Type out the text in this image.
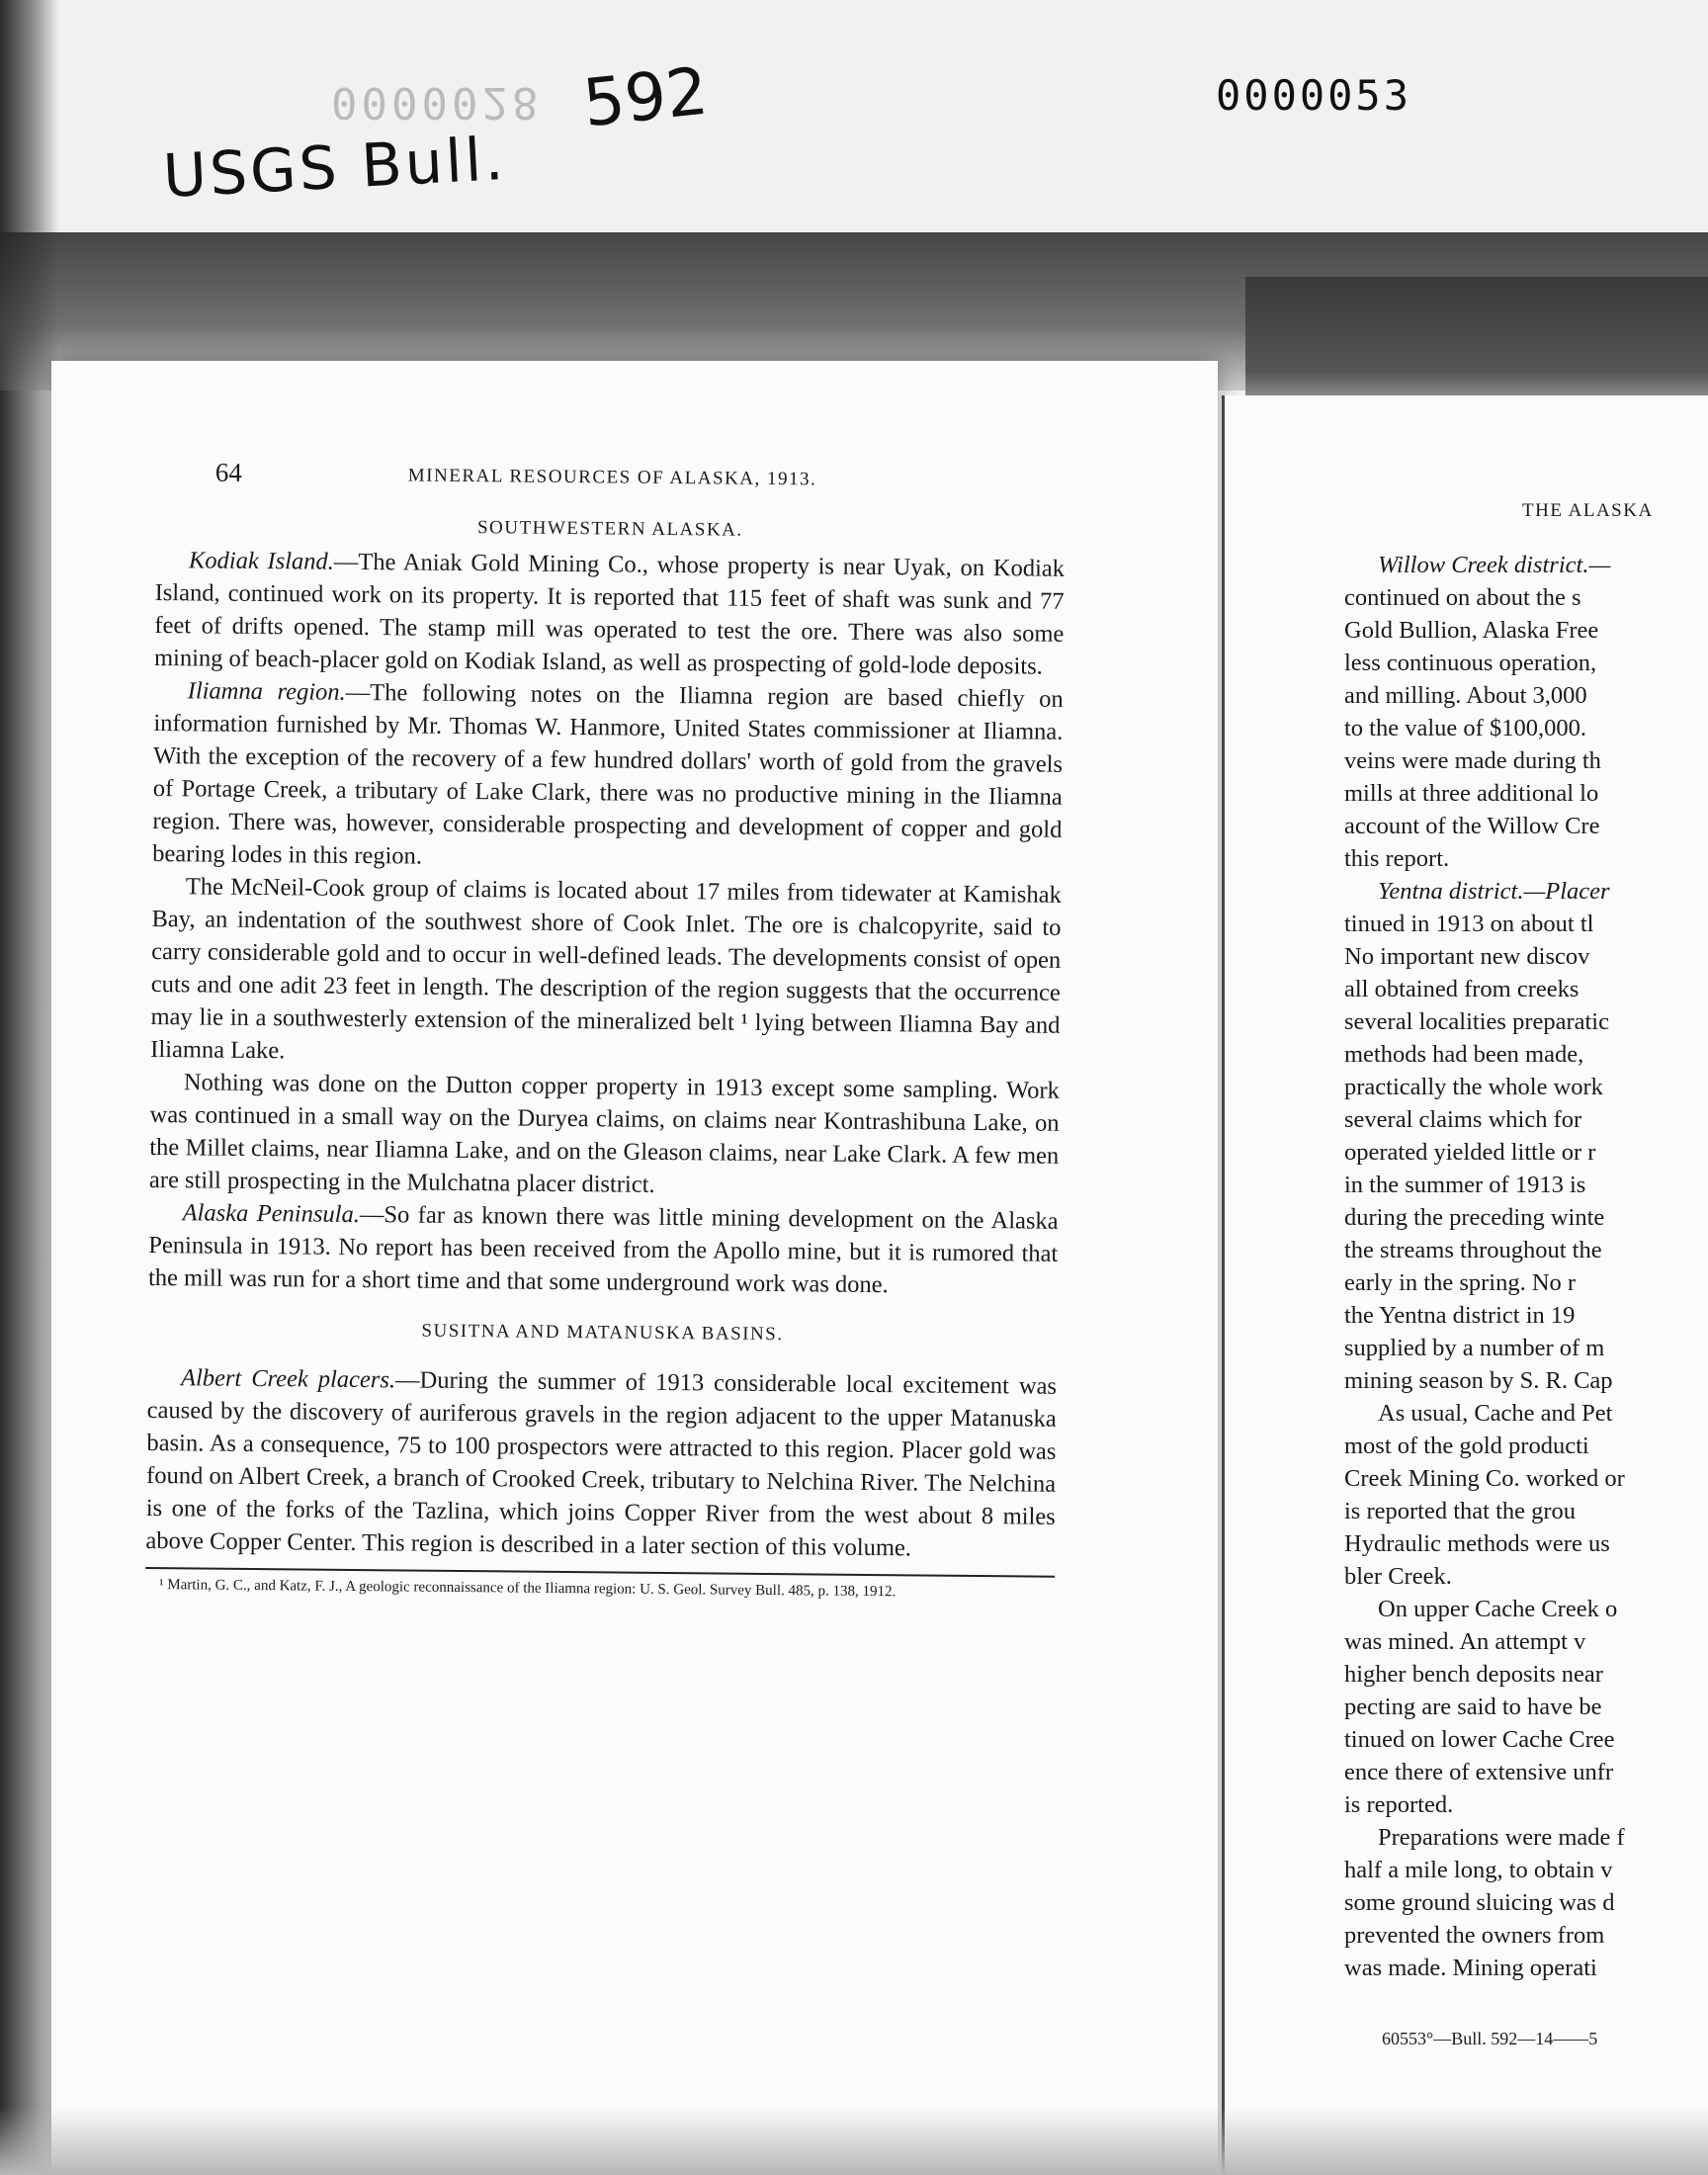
0000028
USGS Bull.
592	0000053
64	MINERAL RESOURCES OF ALASKA, 1913.

SOUTHWESTERN ALASKA.

Kodiak Island.—The Aniak Gold Mining Co., whose property is near Uyak, on Kodiak Island, continued work on its property. It is reported that 115 feet of shaft was sunk and 77 feet of drifts opened. The stamp mill was operated to test the ore. There was also some mining of beach-placer gold on Kodiak Island, as well as prospecting of gold-lode deposits.

Iliamna region.—The following notes on the Iliamna region are based chiefly on information furnished by Mr. Thomas W. Hanmore, United States commissioner at Iliamna. With the exception of the recovery of a few hundred dollars' worth of gold from the gravels of Portage Creek, a tributary of Lake Clark, there was no productive mining in the Iliamna region. There was, however, considerable prospecting and development of copper and gold bearing lodes in this region.

The McNeil-Cook group of claims is located about 17 miles from tidewater at Kamishak Bay, an indentation of the southwest shore of Cook Inlet. The ore is chalcopyrite, said to carry considerable gold and to occur in well-defined leads. The developments consist of open cuts and one adit 23 feet in length. The description of the region suggests that the occurrence may lie in a southwesterly extension of the mineralized belt ¹ lying between Iliamna Bay and Iliamna Lake.

Nothing was done on the Dutton copper property in 1913 except some sampling. Work was continued in a small way on the Duryea claims, on claims near Kontrashibuna Lake, on the Millet claims, near Iliamna Lake, and on the Gleason claims, near Lake Clark. A few men are still prospecting in the Mulchatna placer district.

Alaska Peninsula.—So far as known there was little mining development on the Alaska Peninsula in 1913. No report has been received from the Apollo mine, but it is rumored that the mill was run for a short time and that some underground work was done.

SUSITNA AND MATANUSKA BASINS.

Albert Creek placers.—During the summer of 1913 considerable local excitement was caused by the discovery of auriferous gravels in the region adjacent to the upper Matanuska basin. As a consequence, 75 to 100 prospectors were attracted to this region. Placer gold was found on Albert Creek, a branch of Crooked Creek, tributary to Nelchina River. The Nelchina is one of the forks of the Tazlina, which joins Copper River from the west about 8 miles above Copper Center. This region is described in a later section of this volume.

¹ Martin, G. C., and Katz, F. J., A geologic reconnaissance of the Iliamna region: U. S. Geol. Survey Bull. 485, p. 138, 1912.

THE ALASKA
Willow Creek district.—
continued on about the s
Gold Bullion, Alaska Free
less continuous operation,
and milling. About 3,000
to the value of $100,000.
veins were made during th
mills at three additional lo
account of the Willow Cre
this report.
Yentna district.—Placer
tinued in 1913 on about tl
No important new discov
all obtained from creeks
several localities preparatic
methods had been made,
practically the whole work
several claims which for
operated yielded little or r
in the summer of 1913 is
during the preceding winte
the streams throughout the
early in the spring. No r
the Yentna district in 19
supplied by a number of m
mining season by S. R. Cap
As usual, Cache and Pet
most of the gold producti
Creek Mining Co. worked or
is reported that the grou
Hydraulic methods were us
bler Creek.
On upper Cache Creek o
was mined. An attempt v
higher bench deposits near
pecting are said to have be
tinued on lower Cache Cree
ence there of extensive unfr
is reported.
Preparations were made f
half a mile long, to obtain v
some ground sluicing was d
prevented the owners from
was made. Mining operati
60553°—Bull. 592—14——5
